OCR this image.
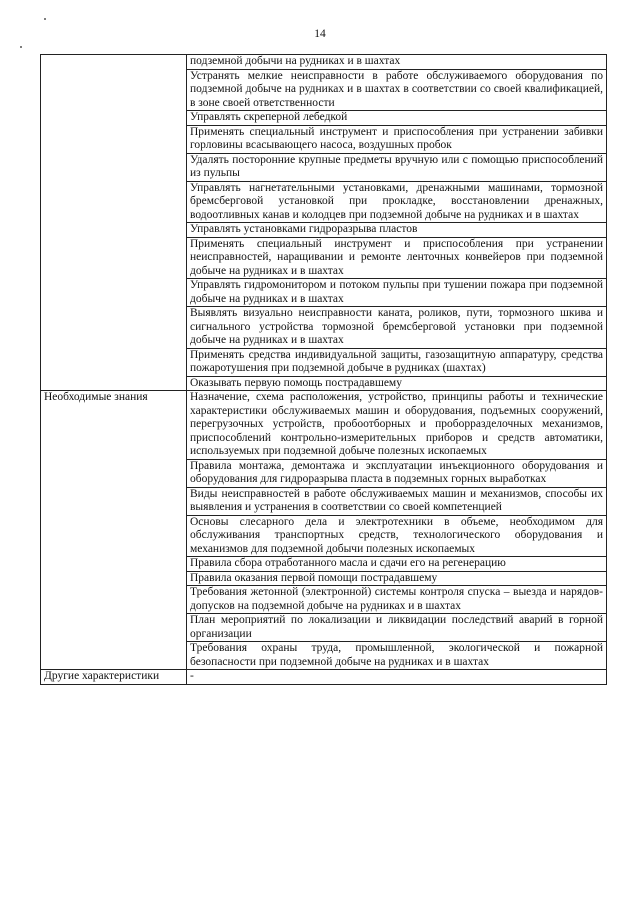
14
	подземной добычи на рудниках и в шахтах
	Устранять мелкие неисправности в работе обслуживаемого оборудования по подземной добыче на рудниках и в шахтах в соответствии со своей квалификацией, в зоне своей ответственности
	Управлять скреперной лебедкой
	Применять специальный инструмент и приспособления при устранении забивки горловины всасывающего насоса, воздушных пробок
	Удалять посторонние крупные предметы вручную или с помощью приспособлений из пульпы
	Управлять нагнетательными установками, дренажными машинами, тормозной бремсберговой установкой при прокладке, восстановлении дренажных, водоотливных канав и колодцев при подземной добыче на рудниках и в шахтах
	Управлять установками гидроразрыва пластов
	Применять специальный инструмент и приспособления при устранении неисправностей, наращивании и ремонте ленточных конвейеров при подземной добыче на рудниках и в шахтах
	Управлять гидромонитором и потоком пульпы при тушении пожара при подземной добыче на рудниках и в шахтах
	Выявлять визуально неисправности каната, роликов, пути, тормозного шкива и сигнального устройства тормозной бремсберговой установки при подземной добыче на рудниках и в шахтах
	Применять средства индивидуальной защиты, газозащитную аппаратуру, средства пожаротушения при подземной добыче в рудниках (шахтах)
	Оказывать первую помощь пострадавшему
Необходимые знания	Назначение, схема расположения, устройство, принципы работы и технические характеристики обслуживаемых машин и оборудования, подъемных сооружений, перегрузочных устройств, пробоотборных и проборразделочных механизмов, приспособлений контрольно-измерительных приборов и средств автоматики, используемых при подземной добыче полезных ископаемых
	Правила монтажа, демонтажа и эксплуатации инъекционного оборудования и оборудования для гидроразрыва пласта в подземных горных выработках
	Виды неисправностей в работе обслуживаемых машин и механизмов, способы их выявления и устранения в соответствии со своей компетенцией
	Основы слесарного дела и электротехники в объеме, необходимом для обслуживания транспортных средств, технологического оборудования и механизмов для подземной добычи полезных ископаемых
	Правила сбора отработанного масла и сдачи его на регенерацию
	Правила оказания первой помощи пострадавшему
	Требования жетонной (электронной) системы контроля спуска – выезда и нарядов-допусков на подземной добыче на рудниках и в шахтах
	План мероприятий по локализации и ликвидации последствий аварий в горной организации
	Требования охраны труда, промышленной, экологической и пожарной безопасности при подземной добыче на рудниках и в шахтах
Другие характеристики	-
